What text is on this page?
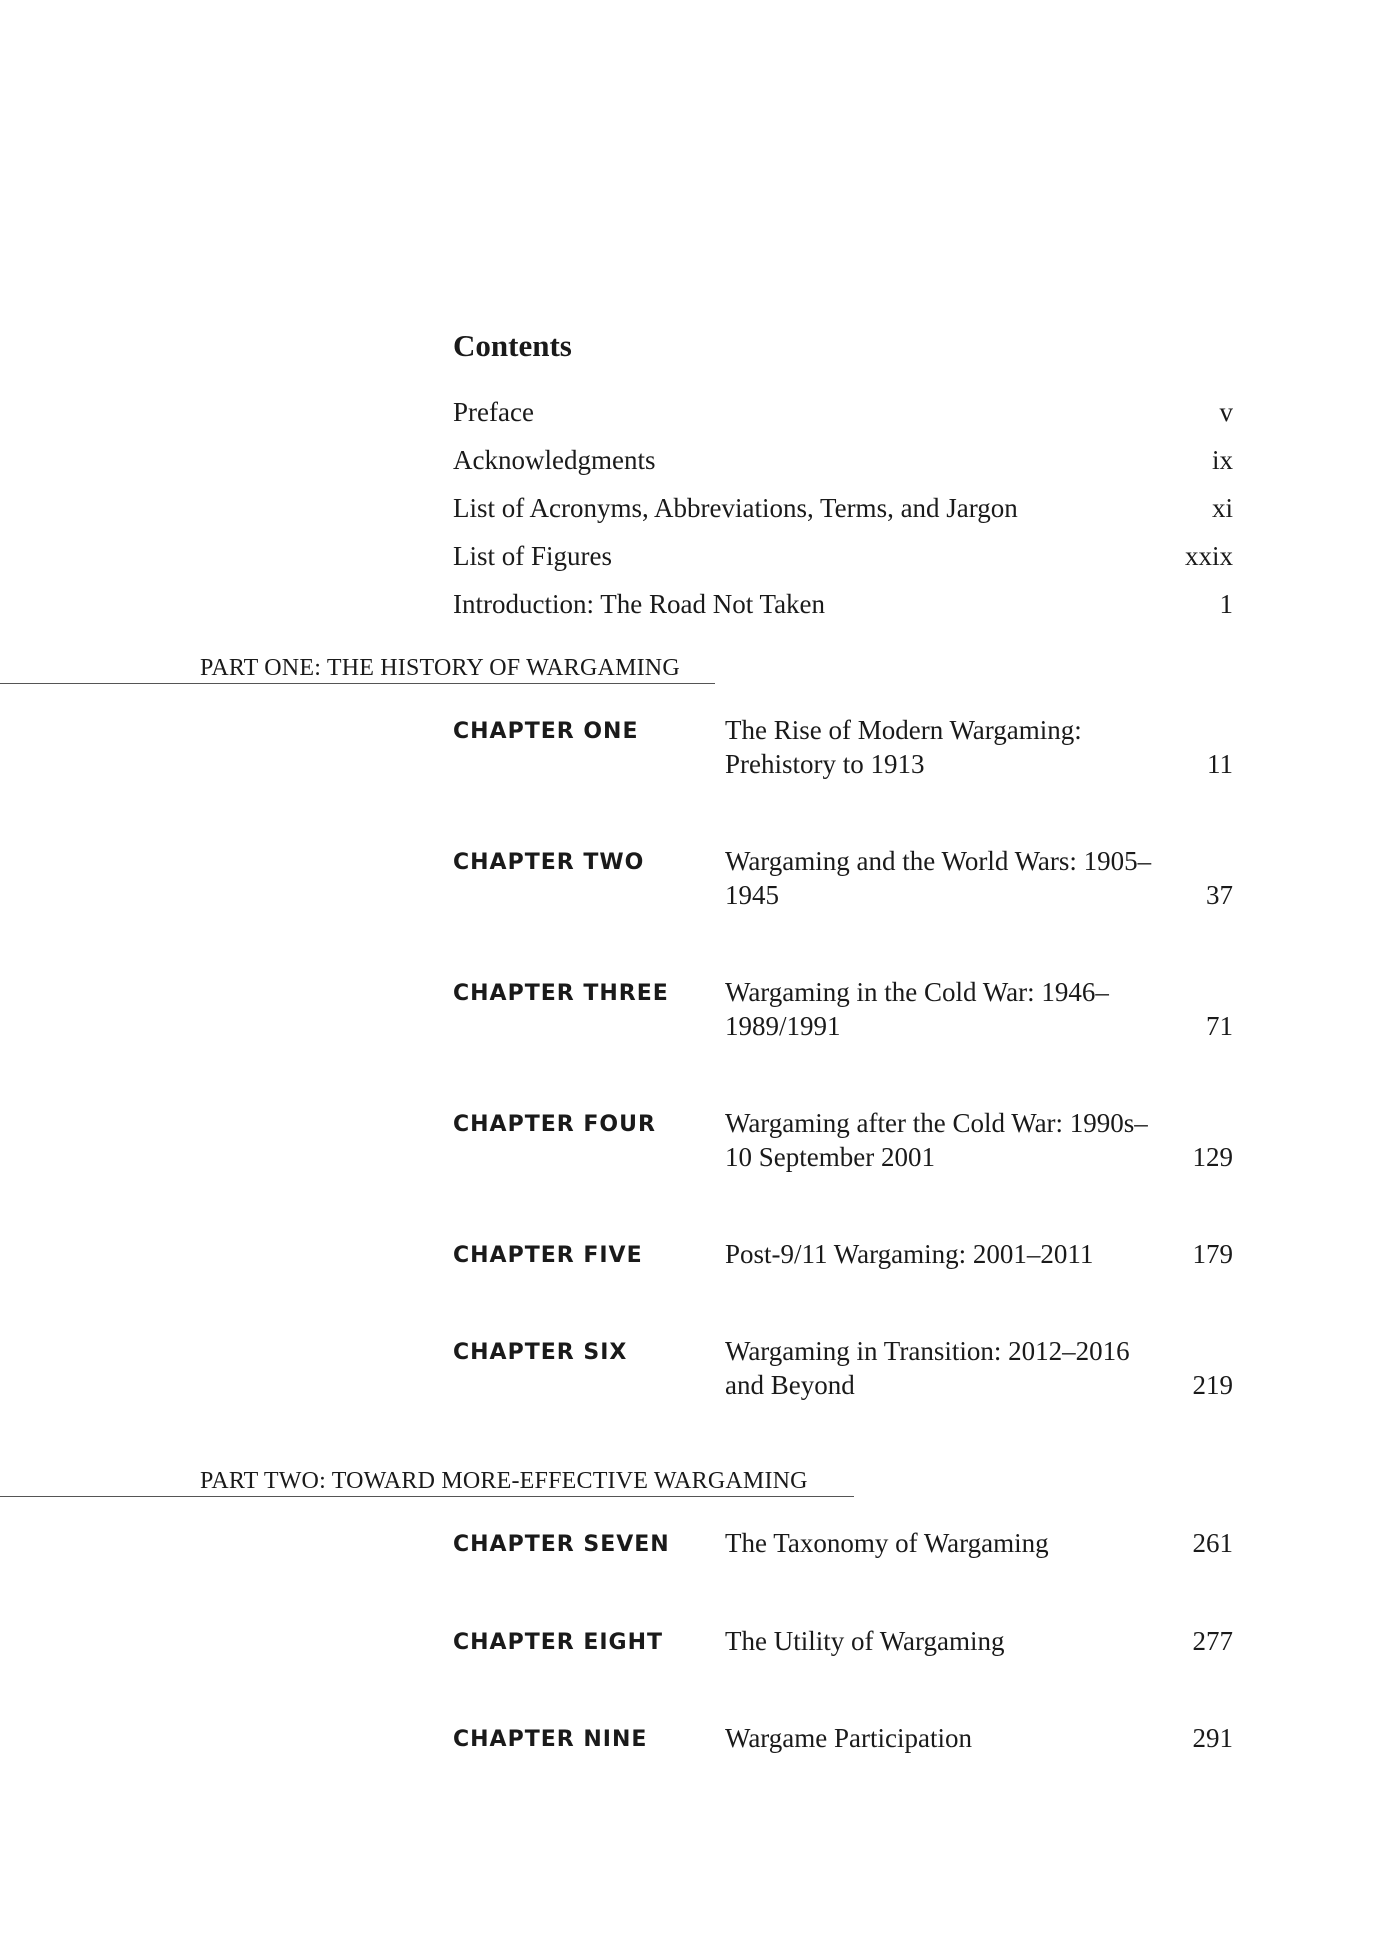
Contents
Preface	v
Acknowledgments	ix
List of Acronyms, Abbreviations, Terms, and Jargon	xi
List of Figures	xxix
Introduction: The Road Not Taken	1
PART ONE: THE HISTORY OF WARGAMING
CHAPTER ONE	The Rise of Modern Wargaming: Prehistory to 1913	11
CHAPTER TWO	Wargaming and the World Wars: 1905–1945	37
CHAPTER THREE Wargaming in the Cold War: 1946–1989/1991	71
CHAPTER FOUR	Wargaming after the Cold War: 1990s–10 September 2001	129
CHAPTER FIVE	Post-9/11 Wargaming: 2001–2011	179
CHAPTER SIX	Wargaming in Transition: 2012–2016 and Beyond	219
PART TWO: TOWARD MORE-EFFECTIVE WARGAMING
CHAPTER SEVEN The Taxonomy of Wargaming	261
CHAPTER EIGHT The Utility of Wargaming	277
CHAPTER NINE	Wargame Participation	291
